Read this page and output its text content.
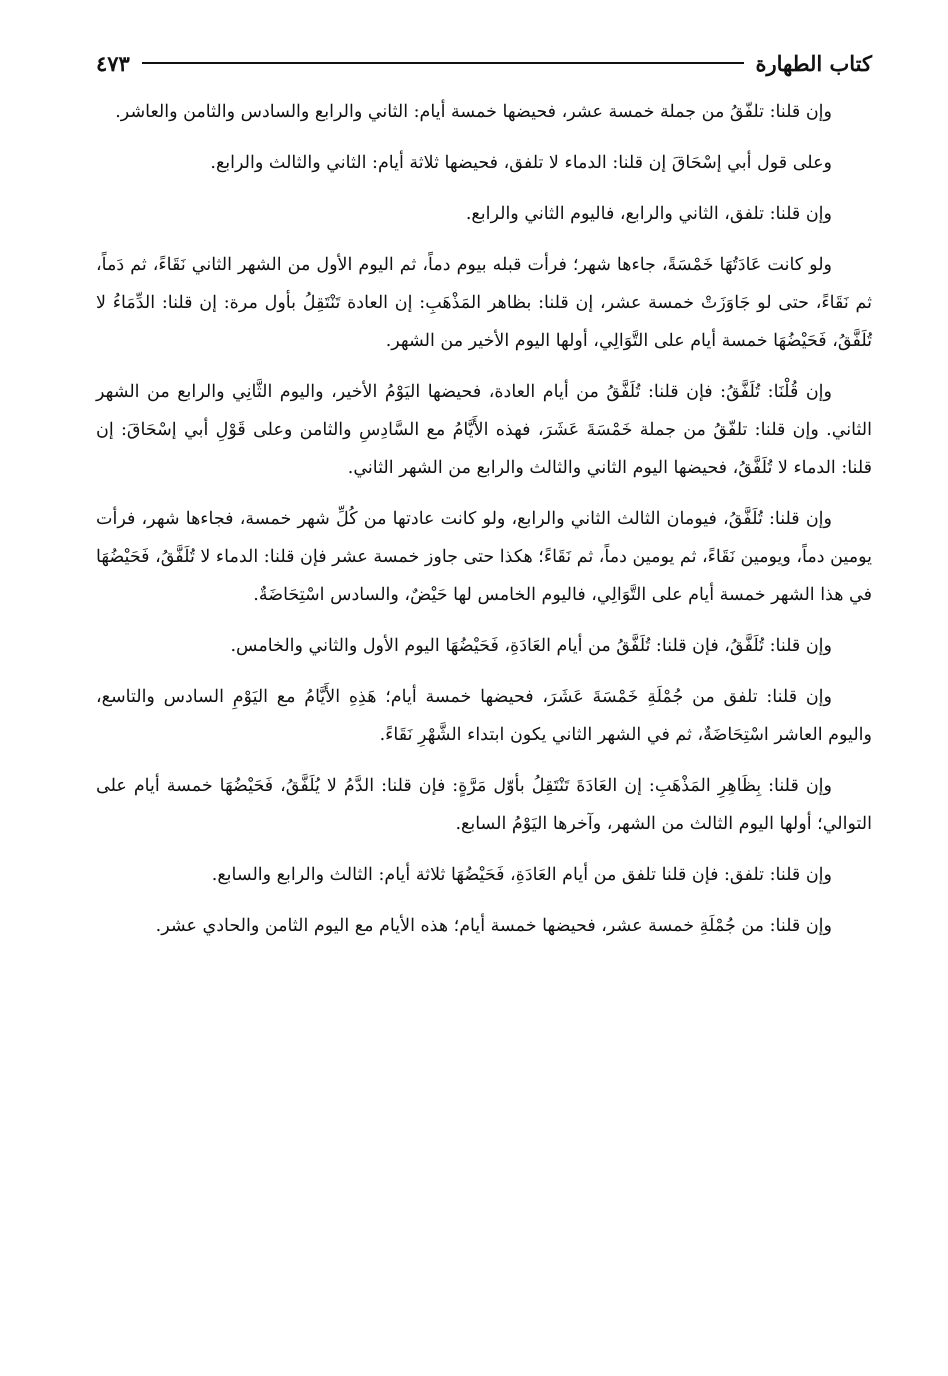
كتاب الطهارة
٤٧٣

وإن قلنا: تلفّقُ من جملة خمسة عشر، فحيضها خمسة أيام: الثاني والرابع والسادس والثامن والعاشر.

وعلى قول أبي إسْحَاقَ إن قلنا: الدماء لا تلفق، فحيضها ثلاثة أيام: الثاني والثالث والرابع.

وإن قلنا: تلفق، الثاني والرابع، فاليوم الثاني والرابع.

ولو كانت عَادَتُهَا خَمْسَةً، جاءها شهر؛ فرأت قبله بيوم دماً، ثم اليوم الأول من الشهر الثاني نَقَاءً، ثم دَماً، ثم نَقَاءً، حتى لو جَاوَزَتْ خمسة عشر، إن قلنا: بظاهر المَذْهَبِ: إن العادة تَنْتَقِلُ بأول مرة: إن قلنا: الدِّمَاءُ لا تُلَفَّقُ، فَحَيْضُهَا خمسة أيام على التَّوَالِي، أولها اليوم الأخير من الشهر.

وإن قُلْنَا: تُلَفَّقُ: فإن قلنا: تُلَفَّقُ من أيام العادة، فحيضها اليَوْمُ الأخير، واليوم الثَّانِي والرابع من الشهر الثاني. وإن قلنا: تلفّقُ من جملة خَمْسَةَ عَشَرَ، فهذه الأَيَّامُ مع السَّادِسِ والثامن وعلى قَوْلِ أبي إسْحَاقَ: إن قلنا: الدماء لا تُلَفَّقُ، فحيضها اليوم الثاني والثالث والرابع من الشهر الثاني.

وإن قلنا: تُلَفَّقُ، فيومان الثالث الثاني والرابع، ولو كانت عادتها من كُلِّ شهر خمسة، فجاءها شهر، فرأت يومين دماً، ويومين نَقَاءً، ثم يومين دماً، ثم نَقَاءً؛ هكذا حتى جاوز خمسة عشر فإن قلنا: الدماء لا تُلَفَّقُ، فَحَيْضُهَا في هذا الشهر خمسة أيام على التَّوَالِي، فاليوم الخامس لها حَيْضٌ، والسادس اسْتِحَاضَةٌ.

وإن قلنا: تُلَفَّقُ، فإن قلنا: تُلَفَّقُ من أيام العَادَةِ، فَحَيْضُهَا اليوم الأول والثاني والخامس.

وإن قلنا: تلفق من جُمْلَةِ خَمْسَةَ عَشَرَ، فحيضها خمسة أيام؛ هَذِهِ الأَيَّامُ مع اليَوْمِ السادس والتاسع، واليوم العاشر اسْتِحَاضَةٌ، ثم في الشهر الثاني يكون ابتداء الشَّهْرِ نَقَاءً.

وإن قلنا: بِظَاهِرِ المَذْهَبِ: إن العَادَةَ تَنْتَقِلُ بأوّل مَرَّةٍ: فإن قلنا: الدَّمُ لا يُلَفَّقُ، فَحَيْضُهَا خمسة أيام على التوالي؛ أولها اليوم الثالث من الشهر، وآخرها اليَوْمُ السابع.

وإن قلنا: تلفق: فإن قلنا تلفق من أيام العَادَةِ، فَحَيْضُهَا ثلاثة أيام: الثالث والرابع والسابع.

وإن قلنا: من جُمْلَةِ خمسة عشر، فحيضها خمسة أيام؛ هذه الأيام مع اليوم الثامن والحادي عشر.
